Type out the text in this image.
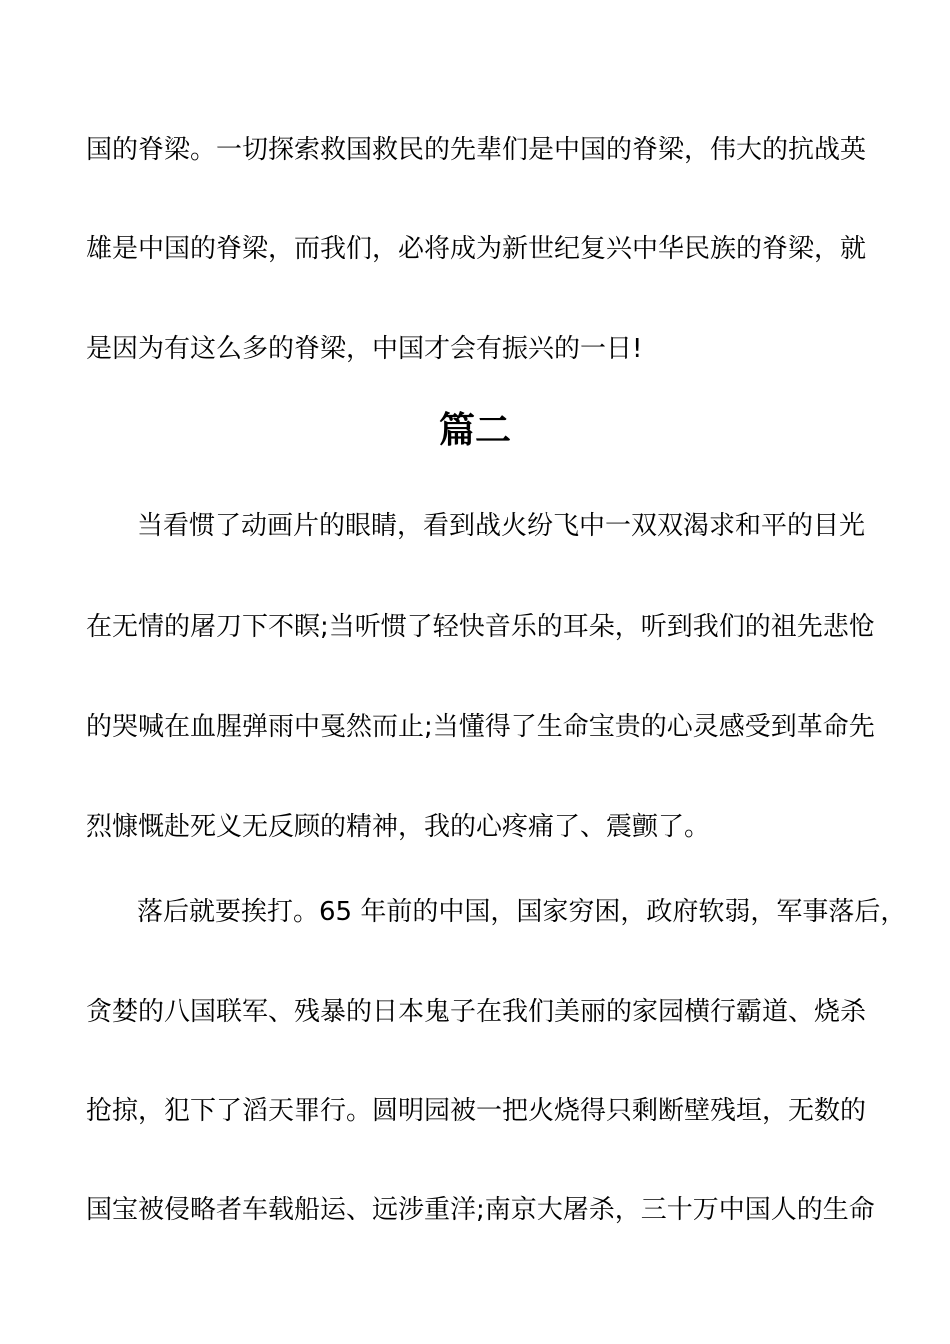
国的脊梁。一切探索救国救民的先辈们是中国的脊梁，伟大的抗战英
雄是中国的脊梁，而我们，必将成为新世纪复兴中华民族的脊梁，就
是因为有这么多的脊梁，中国才会有振兴的一日!
篇二
当看惯了动画片的眼睛，看到战火纷飞中一双双渴求和平的目光
在无情的屠刀下不瞑;当听惯了轻快音乐的耳朵，听到我们的祖先悲怆
的哭喊在血腥弹雨中戛然而止;当懂得了生命宝贵的心灵感受到革命先
烈慷慨赴死义无反顾的精神，我的心疼痛了、震颤了。
落后就要挨打。65 年前的中国，国家穷困，政府软弱，军事落后，
贪婪的八国联军、残暴的日本鬼子在我们美丽的家园横行霸道、烧杀
抢掠，犯下了滔天罪行。圆明园被一把火烧得只剩断壁残垣，无数的
国宝被侵略者车载船运、远涉重洋;南京大屠杀，三十万中国人的生命
